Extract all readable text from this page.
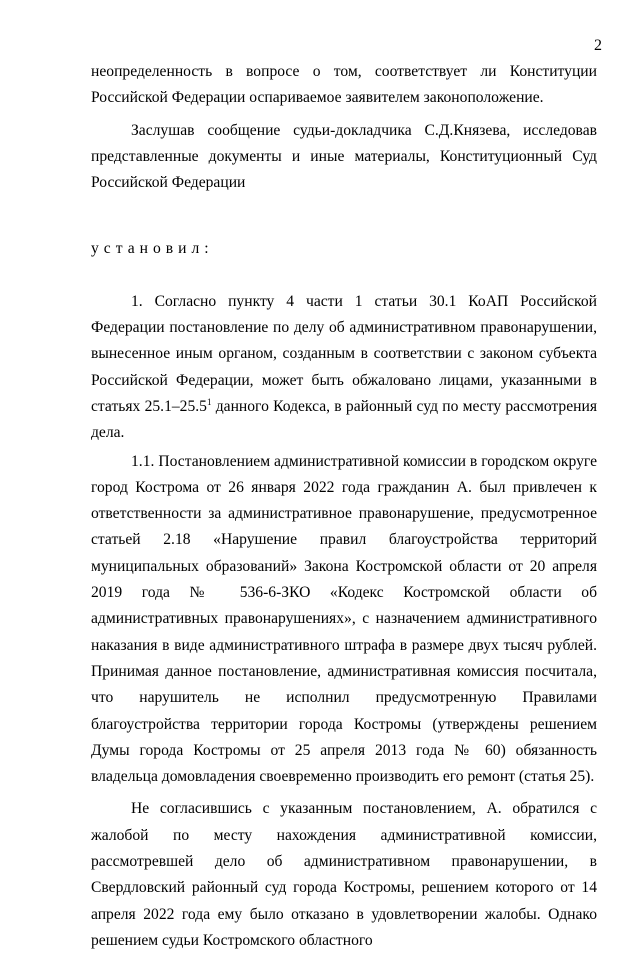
2

неопределенность в вопросе о том, соответствует ли Конституции Российской Федерации оспариваемое заявителем законоположение.

Заслушав сообщение судьи-докладчика С.Д.Князева, исследовав представленные документы и иные материалы, Конституционный Суд Российской Федерации

установил:

1. Согласно пункту 4 части 1 статьи 30.1 КоАП Российской Федерации постановление по делу об административном правонарушении, вынесенное иным органом, созданным в соответствии с законом субъекта Российской Федерации, может быть обжаловано лицами, указанными в статьях 25.1–25.5$^1$ данного Кодекса, в районный суд по месту рассмотрения дела.

1.1. Постановлением административной комиссии в городском округе город Кострома от 26 января 2022 года гражданин А. был привлечен к ответственности за административное правонарушение, предусмотренное статьей 2.18 «Нарушение правил благоустройства территорий муниципальных образований» Закона Костромской области от 20 апреля 2019 года № 536-6-ЗКО «Кодекс Костромской области об административных правонарушениях», с назначением административного наказания в виде административного штрафа в размере двух тысяч рублей. Принимая данное постановление, административная комиссия посчитала, что нарушитель не исполнил предусмотренную Правилами благоустройства территории города Костромы (утверждены решением Думы города Костромы от 25 апреля 2013 года № 60) обязанность владельца домовладения своевременно производить его ремонт (статья 25).

Не согласившись с указанным постановлением, А. обратился с жалобой по месту нахождения административной комиссии, рассмотревшей дело об административном правонарушении, в Свердловский районный суд города Костромы, решением которого от 14 апреля 2022 года ему было отказано в удовлетворении жалобы. Однако решением судьи Костромского областного
